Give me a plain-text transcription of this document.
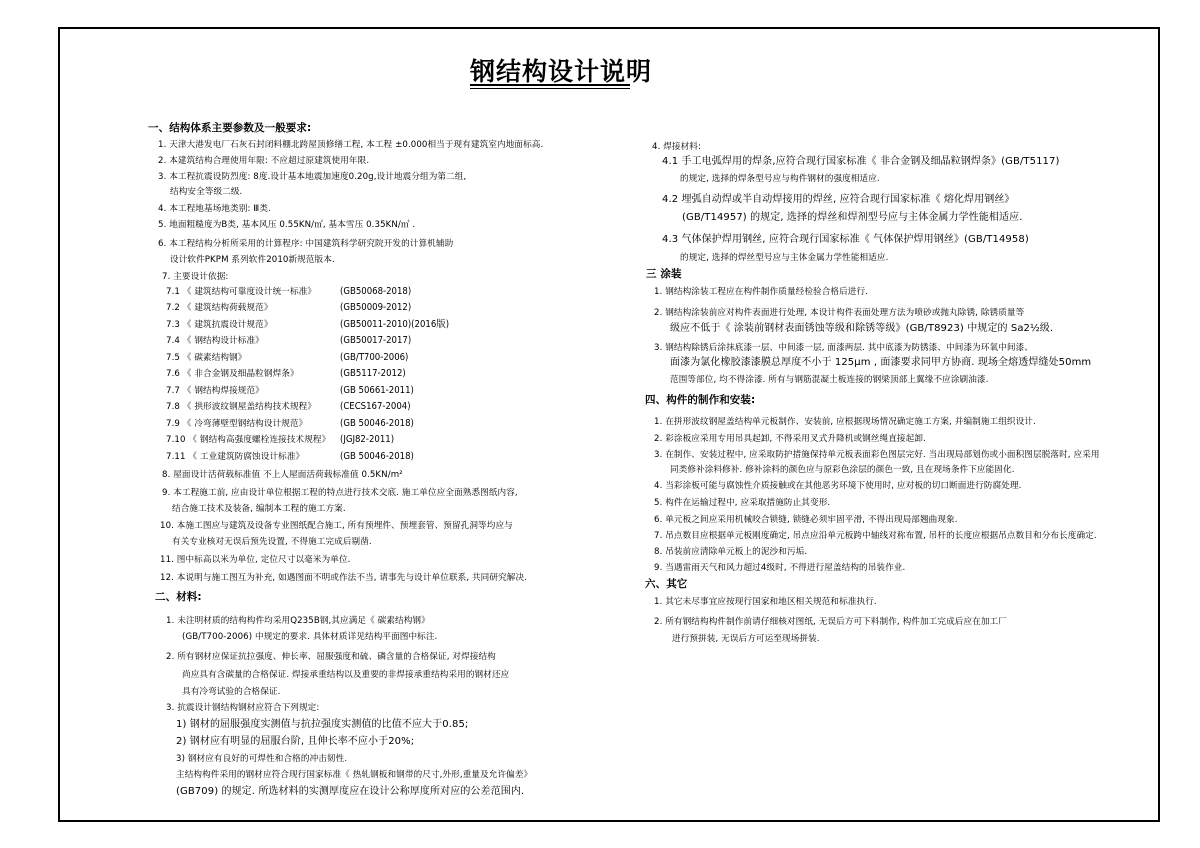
钢结构设计说明
一、结构体系主要参数及一般要求:
1. 天津大港发电厂石灰石封闭料棚北跨屋顶修缮工程, 本工程 ±0.000相当于现有建筑室内地面标高.
2. 本建筑结构合理使用年限: 不应超过原建筑使用年限.
3. 本工程抗震设防烈度: 8度.设计基本地震加速度0.20g,设计地震分组为第二组,
结构安全等级二级.
4. 本工程地基场地类别: Ⅲ类.
5. 地面粗糙度为B类, 基本风压 0.55KN/㎡, 基本雪压 0.35KN/㎡ .
6. 本工程结构分析所采用的计算程序: 中国建筑科学研究院开发的计算机辅助
设计软件PKPM 系列软件2010新规范版本.
7. 主要设计依据:
7.1 《 建筑结构可靠度设计统一标准》
7.2 《 建筑结构荷载规范》
7.3 《 建筑抗震设计规范》
7.4 《 钢结构设计标准》
7.5 《 碳素结构钢》
7.6 《 非合金钢及细晶粒钢焊条》
7.7 《 钢结构焊接规范》
7.8 《 拱形波纹钢屋盖结构技术规程》
7.9 《 冷弯薄壁型钢结构设计规范》
7.10 《 钢结构高强度螺栓连接技术规程》
7.11 《 工业建筑防腐蚀设计标准》
(GB50068-2018)
(GB50009-2012)
(GB50011-2010)(2016版)
(GB50017-2017)
(GB/T700-2006)
(GB5117-2012)
(GB 50661-2011)
(CECS167-2004)
(GB 50046-2018)
(JGJ82-2011)
(GB 50046-2018)
8. 屋面设计活荷载标准值 不上人屋面活荷载标准值 0.5KN/m²
9. 本工程施工前, 应由设计单位根据工程的特点进行技术交底. 施工单位应全面熟悉图纸内容,
结合施工技术及装备, 编制本工程的施工方案.
10. 本施工图应与建筑及设备专业图纸配合施工, 所有预埋件、预埋套管、预留孔洞等均应与
有关专业核对无误后预先设置, 不得施工完成后剔凿.
11. 图中标高以米为单位, 定位尺寸以毫米为单位.
12. 本说明与施工图互为补充, 如遇图面不明或作法不当, 请事先与设计单位联系, 共同研究解决.
二、材料:
1. 未注明材质的结构构件均采用Q235B钢,其应满足《 碳素结构钢》
(GB/T700-2006) 中规定的要求. 具体材质详见结构平面图中标注.
2. 所有钢材应保证抗拉强度、伸长率、屈服强度和硫、磷含量的合格保证, 对焊接结构
尚应具有含碳量的合格保证. 焊接承重结构以及重要的非焊接承重结构采用的钢材还应
具有冷弯试验的合格保证.
3. 抗震设计钢结构钢材应符合下列规定:
1) 钢材的屈服强度实测值与抗拉强度实测值的比值不应大于0.85;
2) 钢材应有明显的屈服台阶, 且伸长率不应小于20%;
3) 钢材应有良好的可焊性和合格的冲击韧性.
主结构构件采用的钢材应符合现行国家标准《 热轧钢板和钢带的尺寸,外形,重量及允许偏差》
(GB709) 的规定. 所选材料的实测厚度应在设计公称厚度所对应的公差范围内.
4. 焊接材料:
4.1 手工电弧焊用的焊条,应符合现行国家标准《 非合金钢及细晶粒钢焊条》(GB/T5117)
的规定, 选择的焊条型号应与构件钢材的强度相适应.
4.2 埋弧自动焊或半自动焊接用的焊丝, 应符合现行国家标准《 熔化焊用钢丝》
(GB/T14957) 的规定, 选择的焊丝和焊剂型号应与主体金属力学性能相适应.
4.3 气体保护焊用钢丝, 应符合现行国家标准《 气体保护焊用钢丝》(GB/T14958)
的规定, 选择的焊丝型号应与主体金属力学性能相适应.
三 涂装
1. 钢结构涂装工程应在构件制作质量经检验合格后进行.
2. 钢结构涂装前应对构件表面进行处理, 本设计构件表面处理方法为喷砂或抛丸除锈, 除锈质量等
级应不低于《 涂装前钢材表面锈蚀等级和除锈等级》(GB/T8923) 中规定的 Sa2½级.
3. 钢结构除锈后涂抹底漆一层、中间漆一层, 面漆两层. 其中底漆为防锈漆、中间漆为环氧中间漆、
面漆为氯化橡胶漆漆膜总厚度不小于 125μm , 面漆要求同甲方协商. 现场全熔透焊缝处50mm
范围等部位, 均不得涂漆. 所有与钢筋混凝土板连接的钢梁顶部上翼缘不应涂刷油漆.
四、构件的制作和安装:
1. 在拼形波纹钢屋盖结构单元板制作、安装前, 应根据现场情况确定施工方案, 并编制施工组织设计.
2. 彩涂板应采用专用吊具起卸, 不得采用叉式升降机或钢丝绳直接起卸.
3. 在制作、安装过程中, 应采取防护措施保持单元板表面彩色图层完好. 当出现局部划伤或小面积图层脱落时, 应采用
同类修补涂料修补. 修补涂料的颜色应与原彩色涂层的颜色一致, 且在现场条件下应能固化.
4. 当彩涂板可能与腐蚀性介质接触或在其他恶劣环境下使用时, 应对板的切口断面进行防腐处理.
5. 构件在运输过程中, 应采取措施防止其变形.
6. 单元板之间应采用机械咬合锁缝, 锁缝必须牢固平滑, 不得出现局部翘曲现象.
7. 吊点数目应根据单元板刚度确定, 吊点应沿单元板跨中轴线对称布置, 吊杆的长度应根据吊点数目和分布长度确定.
8. 吊装前应清除单元板上的泥沙和污垢.
9. 当遇雷雨天气和风力超过4级时, 不得进行屋盖结构的吊装作业.
六、其它
1. 其它未尽事宜应按现行国家和地区相关规范和标准执行.
2. 所有钢结构构件制作前请仔细核对图纸, 无误后方可下料制作, 构件加工完成后应在加工厂
进行预拼装, 无误后方可运至现场拼装.
